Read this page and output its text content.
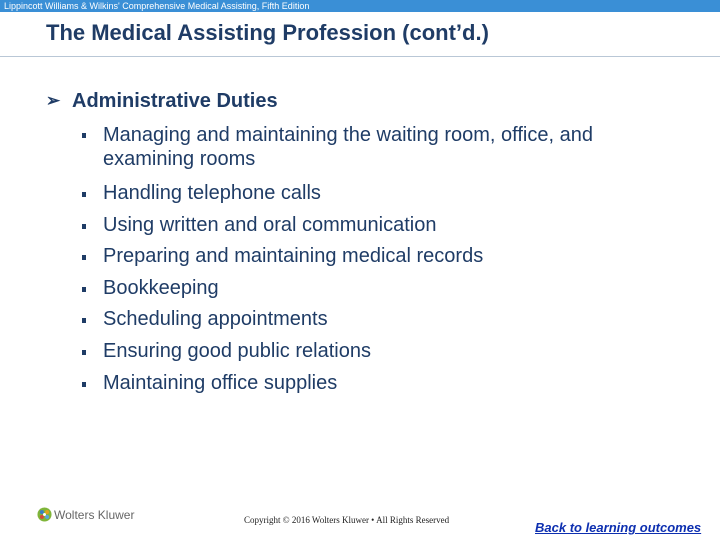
Lippincott Williams & Wilkins' Comprehensive Medical Assisting, Fifth Edition
The Medical Assisting Profession (cont’d.)
➢ Administrative Duties
Managing and maintaining the waiting room, office, and examining rooms
Handling telephone calls
Using written and oral communication
Preparing and maintaining medical records
Bookkeeping
Scheduling appointments
Ensuring good public relations
Maintaining office supplies
Wolters Kluwer	Copyright © 2016 Wolters Kluwer • All Rights Reserved	Back to learning outcomes
